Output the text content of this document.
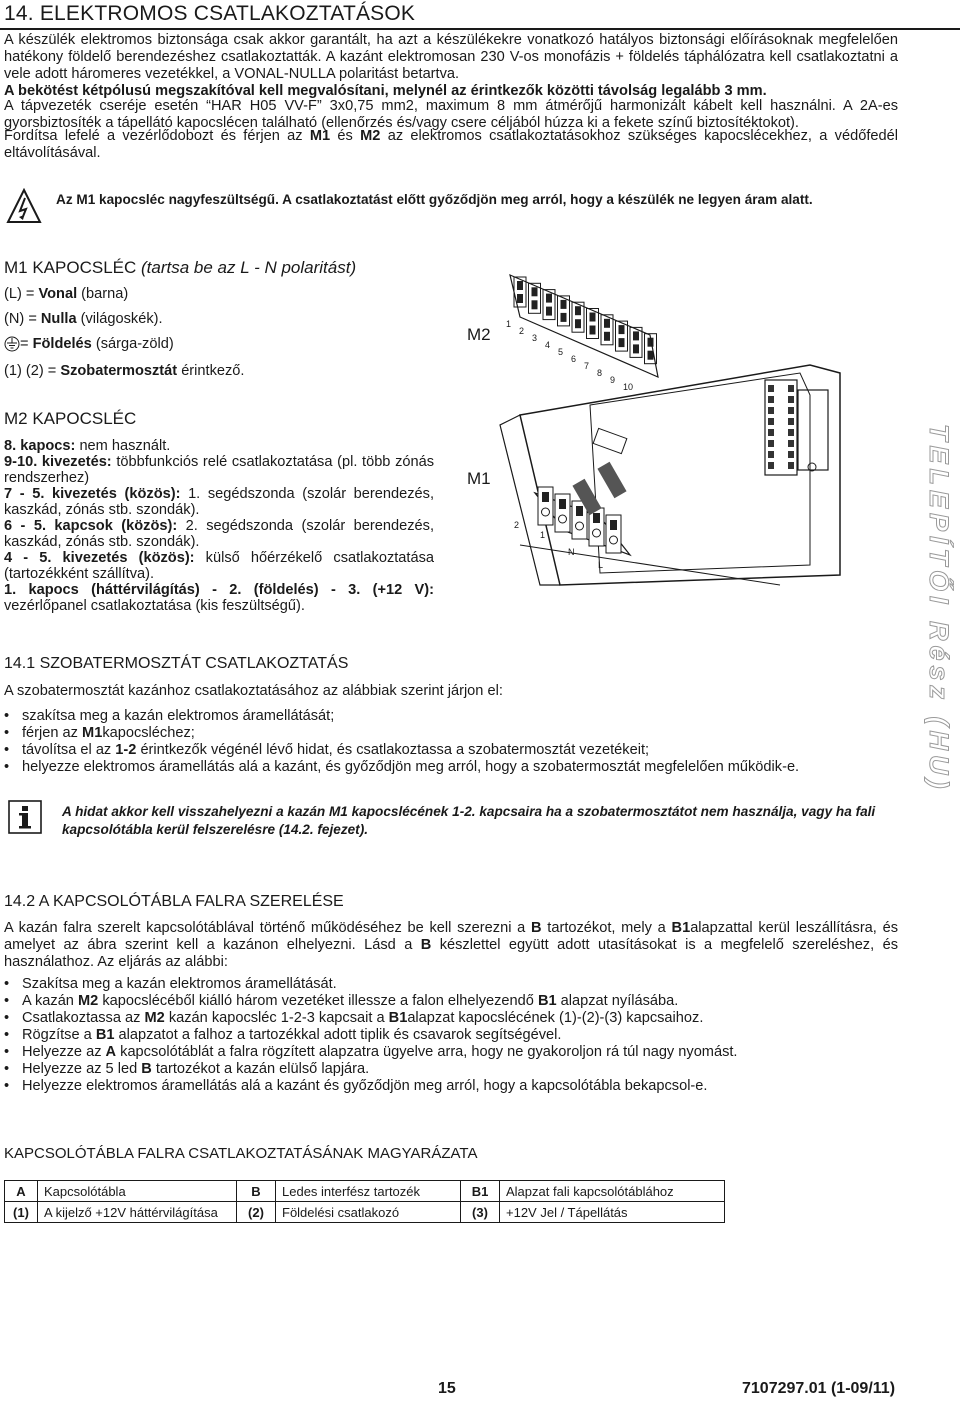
14. ELEKTROMOS CSATLAKOZTATÁSOK

A készülék elektromos biztonsága csak akkor garantált, ha azt a készülékekre vonatkozó hatályos biztonsági előírásoknak megfelelően hatékony földelő berendezéshez csatlakoztatták. A kazánt elektromosan 230 V-os monofázis + földelés táphálózatra kell csatlakoztatni a vele adott háromeres vezetékkel, a VONAL-NULLA polaritást betartva.

A bekötést kétpólusú megszakítóval kell megvalósítani, melynél az érintkezők közötti távolság legalább 3 mm.

A tápvezeték cseréje esetén “HAR H05 VV-F” 3x0,75 mm2, maximum 8 mm átmérőjű harmonizált kábelt kell használni. A 2A-es gyorsbiztosíték a tápellátó kapocslécen található (ellenőrzés és/vagy csere céljából húzza ki a fekete színű biztosítéktokot).

Fordítsa lefelé a vezérlődobozt és férjen az M1 és M2 az elektromos csatlakoztatásokhoz szükséges kapocslécekhez, a védőfedél eltávolításával.

Az M1 kapocsléc nagyfeszültségű. A csatlakoztatást előtt győződjön meg arról, hogy a készülék ne legyen áram alatt.
M1 KAPOCSLÉC (tartsa be az L - N polaritást)
(L) = Vonal (barna)
(N) = Nulla (világoskék).
= Földelés (sárga-zöld)
(1) (2) = Szobatermosztát érintkező.
M2 KAPOCSLÉC

8. kapocs: nem használt.

9-10. kivezetés: többfunkciós relé csatlakoztatása (pl. több zónás rendszerhez)

7 - 5. kivezetés (közös): 1. segédszonda (szolár berendezés, kaszkád, zónás stb. szondák).

6 - 5. kapcsok (közös): 2. segédszonda (szolár berendezés, kaszkád, zónás stb. szondák).

4 - 5. kivezetés (közös): külső hőérzékelő csatlakoztatása (tartozékként szállítva).

1. kapocs (háttérvilágítás) - 2. (földelés) - 3. (+12 V): vezérlőpanel csatlakoztatása (kis feszültségű).

M2
M1
1
2
3
4
5
6
7
8
9
10
2
1
N
L
14.1 SZOBATERMOSZTÁT CSATLAKOZTATÁS

A szobatermosztát kazánhoz csatlakoztatásához az alábbiak szerint járjon el:

• szakítsa meg a kazán elektromos áramellátását;
• férjen az M1kapocsléchez;
• távolítsa el az 1-2 érintkezők végénél lévő hidat, és csatlakoztassa a szobatermosztát vezetékeit;
• helyezze elektromos áramellátás alá a kazánt, és győződjön meg arról, hogy a szobatermosztát megfelelően működik-e.
A hidat akkor kell visszahelyezni a kazán M1 kapocslécének 1-2. kapcsaira ha a szobatermosztátot nem használja, vagy ha fali kapcsolótábla kerül felszerelésre (14.2. fejezet).
14.2 A KAPCSOLÓTÁBLA FALRA SZERELÉSE

A kazán falra szerelt kapcsolótáblával történő működéséhez be kell szerezni a B tartozékot, mely a B1alapzattal kerül leszállításra, és amelyet az ábra szerint kell a kazánon elhelyezni. Lásd a B készlettel együtt adott utasításokat is a megfelelő szereléshez, és használathoz. Az eljárás az alábbi:

• Szakítsa meg a kazán elektromos áramellátását.
• A kazán M2 kapocslécéből kiálló három vezetéket illessze a falon elhelyezendő B1 alapzat nyílásába.
• Csatlakoztassa az M2 kazán kapocsléc 1-2-3 kapcsait a B1alapzat kapocslécének (1)-(2)-(3) kapcsaihoz.
• Rögzítse a B1 alapzatot a falhoz a tartozékkal adott tiplik és csavarok segítségével.
• Helyezze az A kapcsolótáblát a falra rögzített alapzatra ügyelve arra, hogy ne gyakoroljon rá túl nagy nyomást.
• Helyezze az 5 led B tartozékot a kazán elülső lapjára.
• Helyezze elektromos áramellátás alá a kazánt és győződjön meg arról, hogy a kapcsolótábla bekapcsol-e.
KAPCSOLÓTÁBLA FALRA CSATLAKOZTATÁSÁNAK MAGYARÁZATA
A	Kapcsolótábla	B	Ledes interfész tartozék	B1	Alapzat fali kapcsolótáblához
(1)	A kijelző +12V háttérvilágítása	(2)	Földelési csatlakozó	(3)	+12V Jel / Tápellátás
TELEPÍTŐI Rész (HU)
15	7107297.01 (1-09/11)
